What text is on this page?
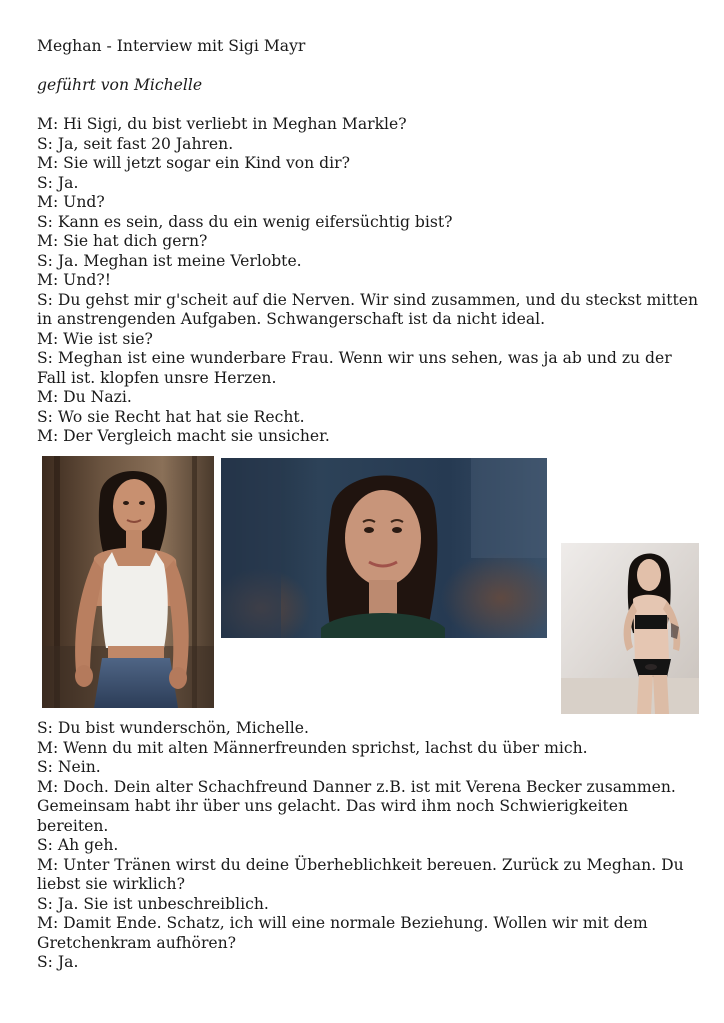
Meghan - Interview mit Sigi Mayr
geführt von Michelle
M: Hi Sigi, du bist verliebt in Meghan Markle?
S: Ja, seit fast 20 Jahren.
M: Sie will jetzt sogar ein Kind von dir?
S: Ja.
M: Und?
S: Kann es sein, dass du ein wenig eifersüchtig bist?
M: Sie hat dich gern?
S: Ja. Meghan ist meine Verlobte.
M: Und?!
S: Du gehst mir g'scheit auf die Nerven. Wir sind zusammen, und du steckst mitten in anstrengenden Aufgaben. Schwangerschaft ist da nicht ideal.
M: Wie ist sie?
S: Meghan ist eine wunderbare Frau. Wenn wir uns sehen, was ja ab und zu der Fall ist. klopfen unsre Herzen.
M: Du Nazi.
S: Wo sie Recht hat hat sie Recht.
M: Der Vergleich macht sie unsicher.
S: Du bist wunderschön, Michelle.
M: Wenn du mit alten Männerfreunden sprichst, lachst du über mich.
S: Nein.
M: Doch. Dein alter Schachfreund Danner z.B. ist mit Verena Becker zusammen. Gemeinsam habt ihr über uns gelacht. Das wird ihm noch Schwierigkeiten bereiten.
S: Ah geh.
M: Unter Tränen wirst du deine Überheblichkeit bereuen. Zurück zu Meghan. Du liebst sie wirklich?
S: Ja. Sie ist unbeschreiblich.
M: Damit Ende. Schatz, ich will eine normale Beziehung. Wollen wir mit dem Gretchenkram aufhören?
S: Ja.
